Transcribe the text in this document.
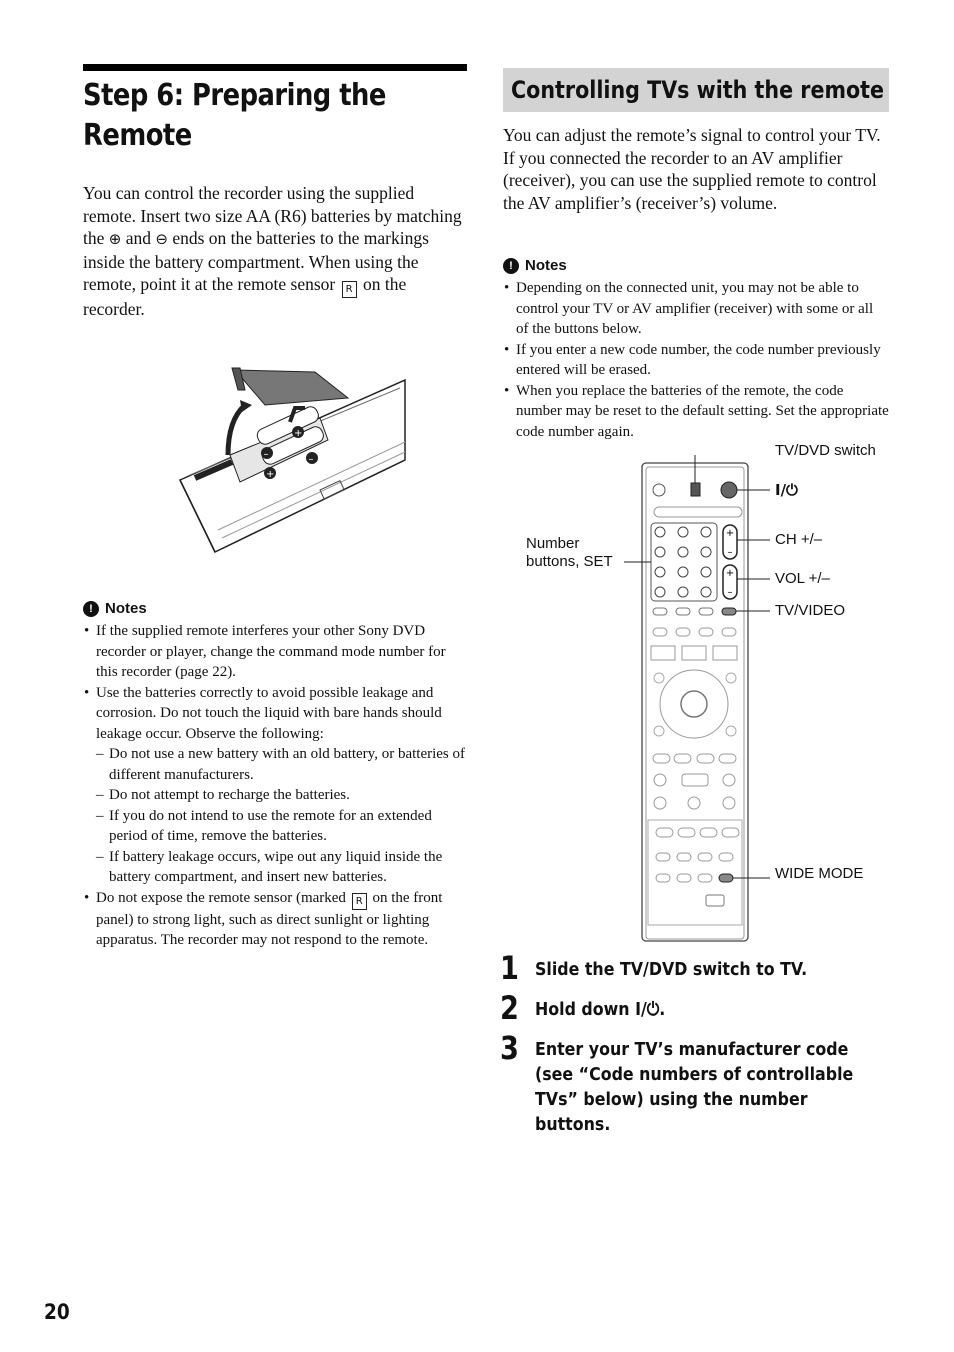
Step 6: Preparing the Remote

You can control the recorder using the supplied remote. Insert two size AA (R6) batteries by matching the ⊕ and ⊖ ends on the batteries to the markings inside the battery compartment. When using the remote, point it at the remote sensor R on the recorder.

–
+
–
+
! Notes
• If the supplied remote interferes your other Sony DVD recorder or player, change the command mode number for this recorder (page 22).
• Use the batteries correctly to avoid possible leakage and corrosion. Do not touch the liquid with bare hands should leakage occur. Observe the following:
– Do not use a new battery with an old battery, or batteries of different manufacturers.
– Do not attempt to recharge the batteries.
– If you do not intend to use the remote for an extended period of time, remove the batteries.
– If battery leakage occurs, wipe out any liquid inside the battery compartment, and insert new batteries.
• Do not expose the remote sensor (marked R on the front panel) to strong light, such as direct sunlight or lighting apparatus. The recorder may not respond to the remote.
Controlling TVs with the remote

You can adjust the remote’s signal to control your TV.

If you connected the recorder to an AV amplifier (receiver), you can use the supplied remote to control the AV amplifier’s (receiver’s) volume.

! Notes
• Depending on the connected unit, you may not be able to control your TV or AV amplifier (receiver) with some or all of the buttons below.
• If you enter a new code number, the code number previously entered will be erased.
• When you replace the batteries of the remote, the code number may be reset to the default setting. Set the appropriate code number again.
+
–
+
–
TV/DVD switch
I/⏻
Number
buttons, SET
CH +/–
VOL +/–
TV/VIDEO
WIDE MODE
1 Slide the TV/DVD switch to TV.
2 Hold down I/⏻.
3 Enter your TV’s manufacturer code (see “Code numbers of controllable TVs” below) using the number buttons.
20
